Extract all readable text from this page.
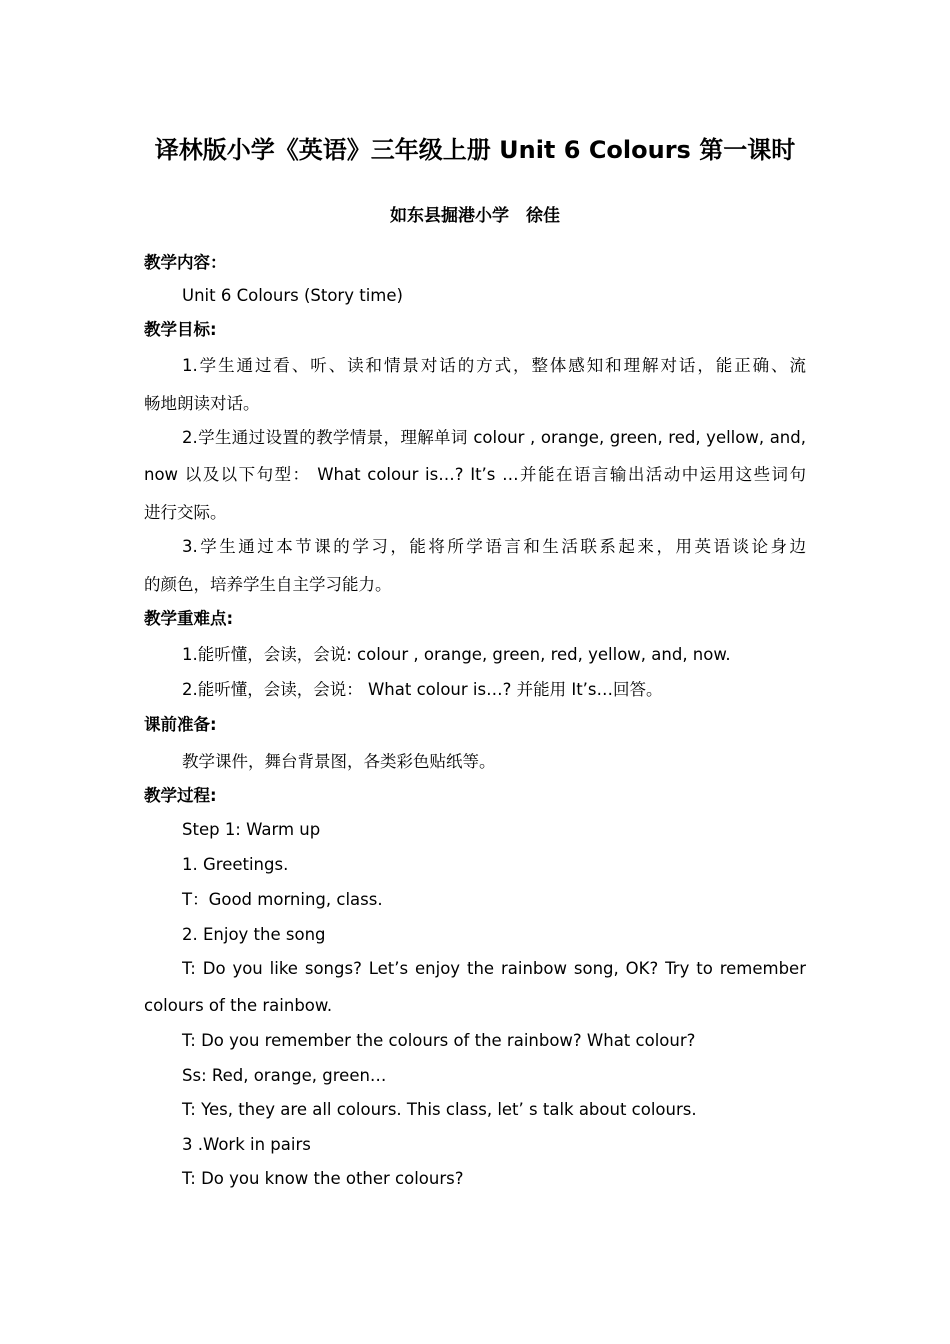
译林版小学《英语》三年级上册 Unit 6 Colours 第一课时
如东县掘港小学　徐佳
教学内容：
Unit 6 Colours (Story time)
教学目标:
1.学生通过看、听、读和情景对话的方式，整体感知和理解对话，能正确、流
畅地朗读对话。
2.学生通过设置的教学情景，理解单词 colour , orange, green, red, yellow, and,
now 以及以下句型： What colour is…? It’s …并能在语言输出活动中运用这些词句
进行交际。
3.学生通过本节课的学习，能将所学语言和生活联系起来，用英语谈论身边
的颜色，培养学生自主学习能力。
教学重难点:
1.能听懂，会读，会说: colour , orange, green, red, yellow, and, now.
2.能听懂，会读，会说： What colour is…? 并能用 It’s…回答。
课前准备:
教学课件，舞台背景图，各类彩色贴纸等。
教学过程:
Step 1: Warm up
1. Greetings.
T：Good morning, class.
2. Enjoy the song
T: Do you like songs? Let’s enjoy the rainbow song, OK? Try to remember
colours of the rainbow.
T: Do you remember the colours of the rainbow? What colour?
Ss: Red, orange, green…
T: Yes, they are all colours. This class, let’ s talk about colours.
3 .Work in pairs
T: Do you know the other colours?
